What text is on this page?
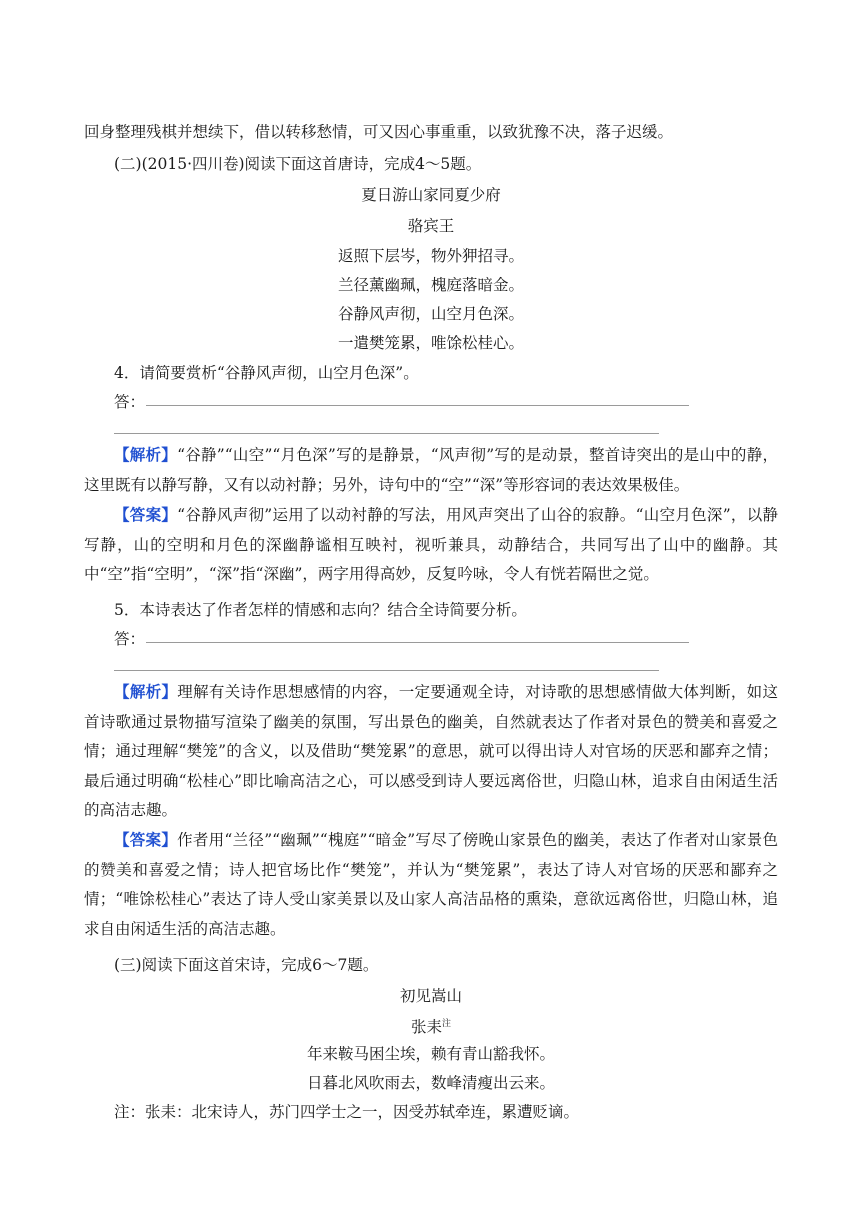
回身整理残棋并想续下，借以转移愁情，可又因心事重重，以致犹豫不决，落子迟缓。
(二)(2015·四川卷)阅读下面这首唐诗，完成4～5题。
夏日游山家同夏少府
骆宾王
返照下层岑，物外狎招寻。
兰径薰幽珮，槐庭落暗金。
谷静风声彻，山空月色深。
一遣樊笼累，唯馀松桂心。
4．请简要赏析“谷静风声彻，山空月色深”。
答：
【解析】“谷静”“山空”“月色深”写的是静景，“风声彻”写的是动景，整首诗突出的是山中的静，这里既有以静写静，又有以动衬静；另外，诗句中的“空”“深”等形容词的表达效果极佳。
【答案】“谷静风声彻”运用了以动衬静的写法，用风声突出了山谷的寂静。“山空月色深”，以静写静，山的空明和月色的深幽静谧相互映衬，视听兼具，动静结合，共同写出了山中的幽静。其中“空”指“空明”，“深”指“深幽”，两字用得高妙，反复吟咏，令人有恍若隔世之觉。
5．本诗表达了作者怎样的情感和志向？结合全诗简要分析。
答：
【解析】理解有关诗作思想感情的内容，一定要通观全诗，对诗歌的思想感情做大体判断，如这首诗歌通过景物描写渲染了幽美的氛围，写出景色的幽美，自然就表达了作者对景色的赞美和喜爱之情；通过理解“樊笼”的含义，以及借助“樊笼累”的意思，就可以得出诗人对官场的厌恶和鄙弃之情；最后通过明确“松桂心”即比喻高洁之心，可以感受到诗人要远离俗世，归隐山林，追求自由闲适生活的高洁志趣。
【答案】作者用“兰径”“幽珮”“槐庭”“暗金”写尽了傍晚山家景色的幽美，表达了作者对山家景色的赞美和喜爱之情；诗人把官场比作“樊笼”，并认为“樊笼累”，表达了诗人对官场的厌恶和鄙弃之情；“唯馀松桂心”表达了诗人受山家美景以及山家人高洁品格的熏染，意欲远离俗世，归隐山林，追求自由闲适生活的高洁志趣。
(三)阅读下面这首宋诗，完成6～7题。
初见嵩山
张耒$^注$
年来鞍马困尘埃，赖有青山豁我怀。
日暮北风吹雨去，数峰清瘦出云来。
注：张耒：北宋诗人，苏门四学士之一，因受苏轼牵连，累遭贬谪。
